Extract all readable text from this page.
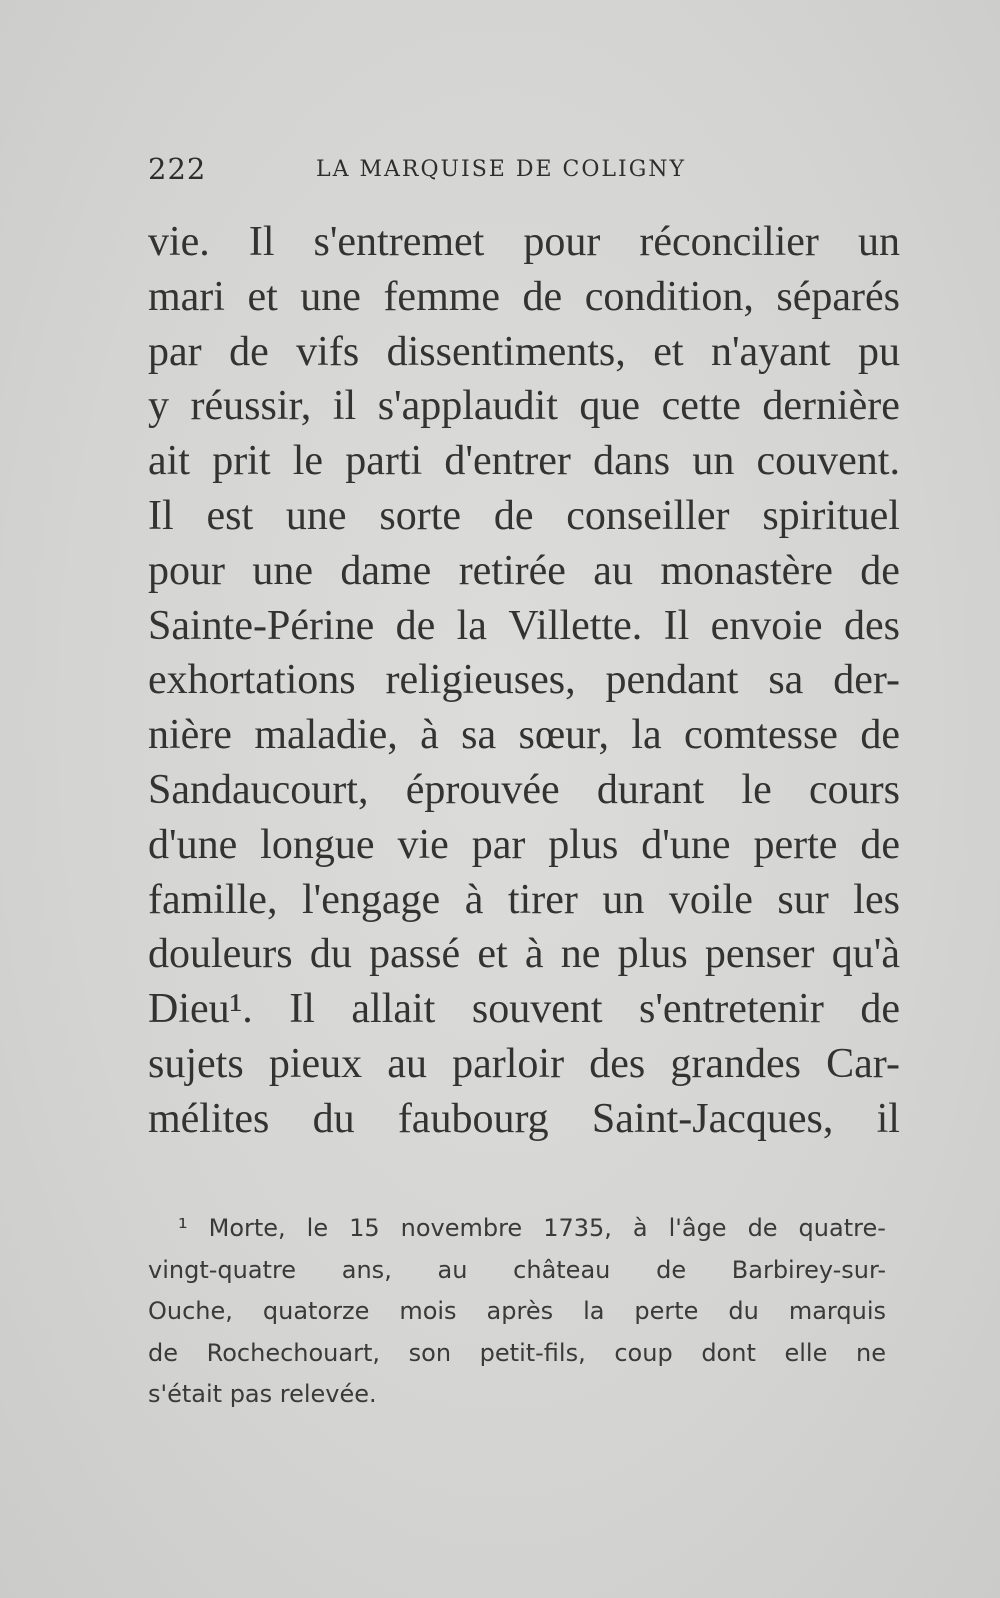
222	LA MARQUISE DE COLIGNY
vie. Il s'entremet pour réconcilier un
mari et une femme de condition, séparés
par de vifs dissentiments, et n'ayant pu
y réussir, il s'applaudit que cette dernière
ait prit le parti d'entrer dans un couvent.
Il est une sorte de conseiller spirituel
pour une dame retirée au monastère de
Sainte-Périne de la Villette. Il envoie des
exhortations religieuses, pendant sa der-
nière maladie, à sa sœur, la comtesse de
Sandaucourt, éprouvée durant le cours
d'une longue vie par plus d'une perte de
famille, l'engage à tirer un voile sur les
douleurs du passé et à ne plus penser qu'à
Dieu¹. Il allait souvent s'entretenir de
sujets pieux au parloir des grandes Car-
mélites du faubourg Saint-Jacques, il
¹ Morte, le 15 novembre 1735, à l'âge de quatre-
vingt-quatre ans, au château de Barbirey-sur-
Ouche, quatorze mois après la perte du marquis
de Rochechouart, son petit-fils, coup dont elle ne
s'était pas relevée.
